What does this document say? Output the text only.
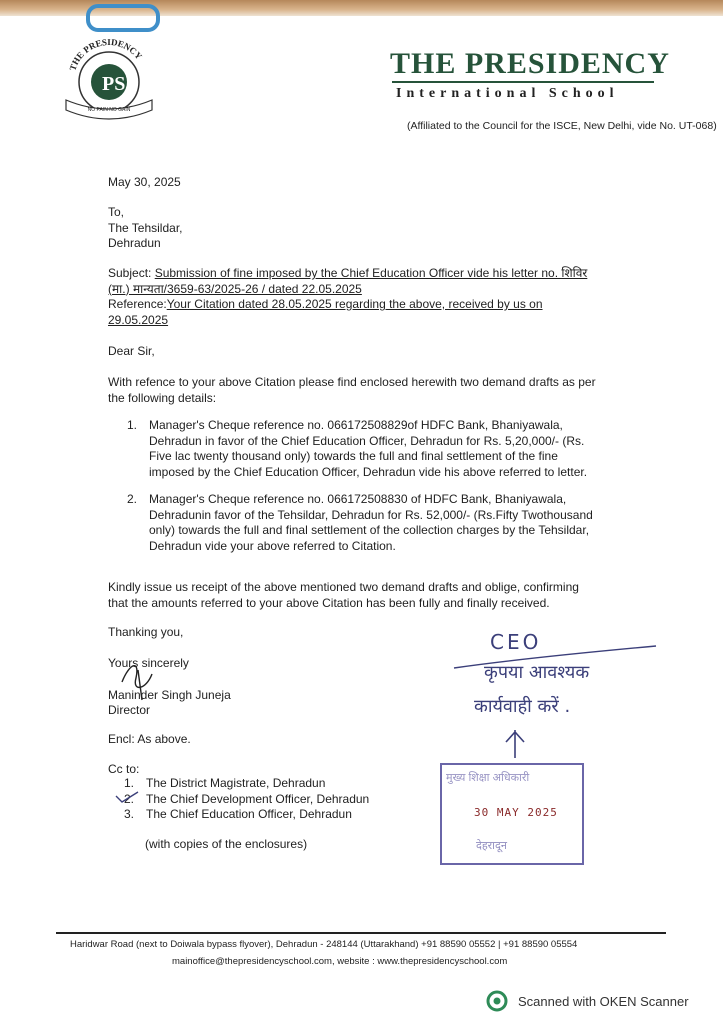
PS
THE PRESIDENCY
NO PAIN NO GAIN
THE PRESIDENCY
International School
(Affiliated to the Council for the ISCE, New Delhi, vide No. UT-068)
May 30, 2025
To,
The Tehsildar,
Dehradun
Subject: Submission of fine imposed by the Chief Education Officer vide his letter no. शिविर
(मा.) मान्यता/3659-63/2025-26 / dated 22.05.2025
Reference:Your Citation dated 28.05.2025 regarding the above, received by us on
29.05.2025
Dear Sir,
With refence to your above Citation please find enclosed herewith two demand drafts as per
the following details:
1. Manager's Cheque reference no. 066172508829of HDFC Bank, Bhaniyawala,
Dehradun in favor of the Chief Education Officer, Dehradun for Rs. 5,20,000/- (Rs.
Five lac twenty thousand only) towards the full and final settlement of the fine
imposed by the Chief Education Officer, Dehradun vide his above referred to letter.
2. Manager's Cheque reference no. 066172508830 of HDFC Bank, Bhaniyawala,
Dehradunin favor of the Tehsildar, Dehradun for Rs. 52,000/- (Rs.Fifty Twothousand
only) towards the full and final settlement of the collection charges by the Tehsildar,
Dehradun vide your above referred to Citation.
Kindly issue us receipt of the above mentioned two demand drafts and oblige, confirming
that the amounts referred to your above Citation has been fully and finally received.
Thanking you,
Yours sincerely
Maninder Singh Juneja
Director
Encl: As above.
Cc to:
1. The District Magistrate, Dehradun
2. The Chief Development Officer, Dehradun
3. The Chief Education Officer, Dehradun
(with copies of the enclosures)
CEO
कृपया आवश्यक
कार्यवाही करें .
मुख्य शिक्षा अधिकारी
30 MAY 2025
देहरादून
Haridwar Road (next to Doiwala bypass flyover), Dehradun - 248144 (Uttarakhand) +91 88590 05552 | +91 88590 05554
mainoffice@thepresidencyschool.com, website : www.thepresidencyschool.com
Scanned with OKEN Scanner
